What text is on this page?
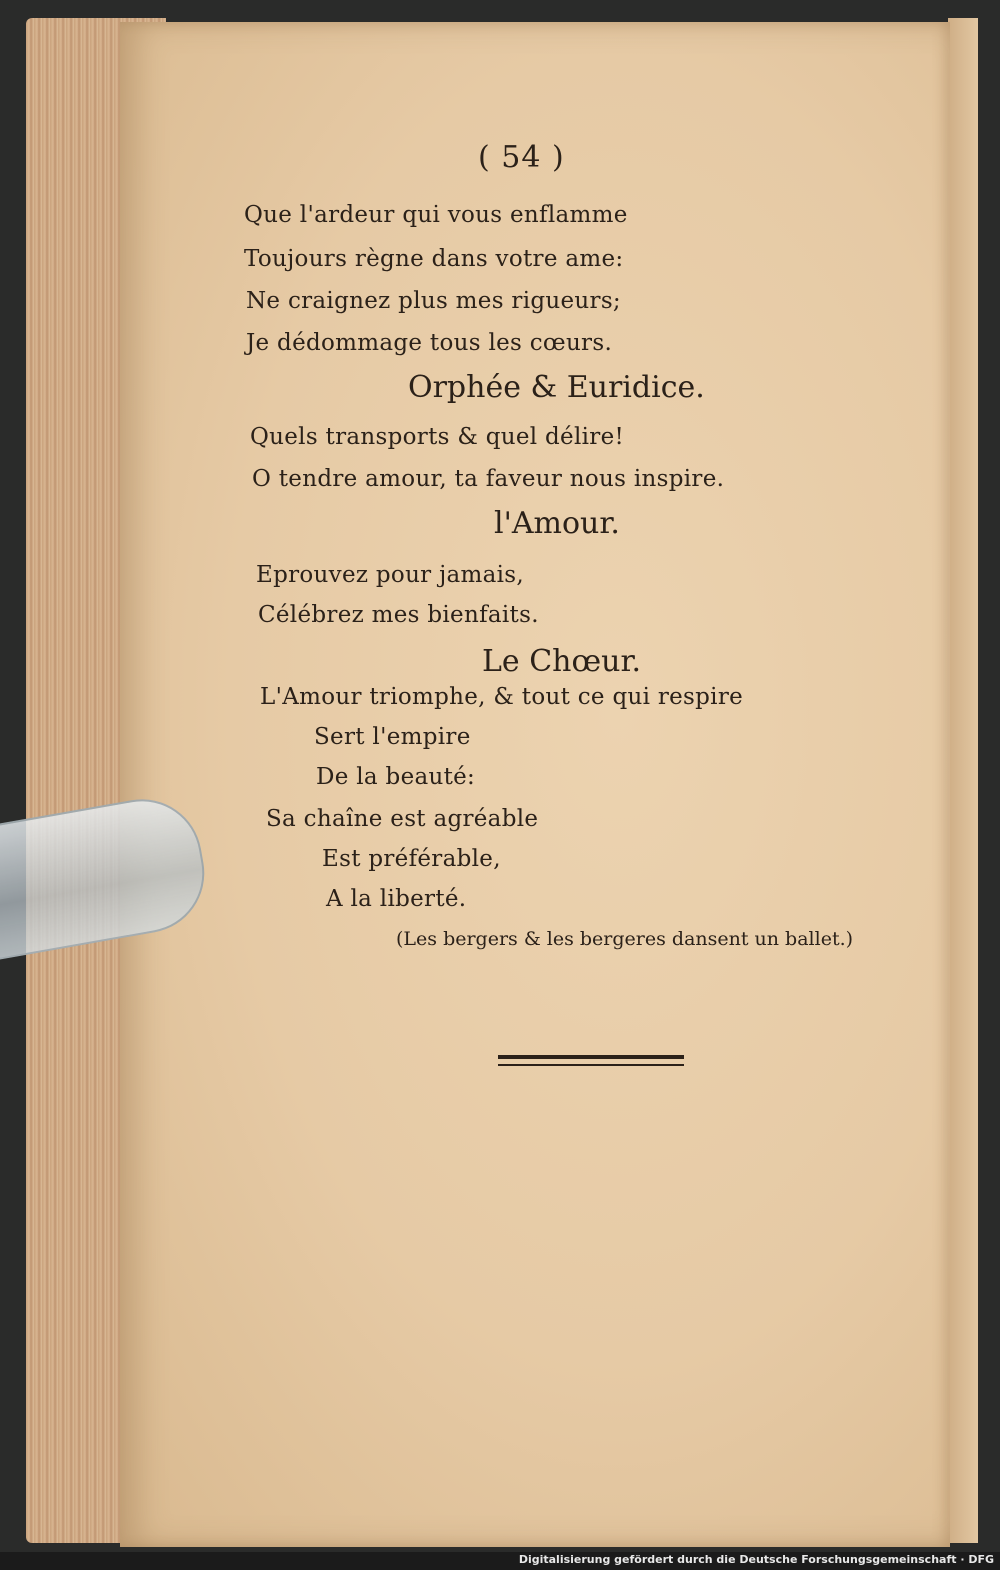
( 54 )
Que l'ardeur qui vous enflamme
Toujours règne dans votre ame:
Ne craignez plus mes rigueurs;
Je dédommage tous les cœurs.
Orphée & Euridice.
Quels transports & quel délire!
O tendre amour, ta faveur nous inspire.
l'Amour.
Eprouvez pour jamais,
Célébrez mes bienfaits.
Le Chœur.
L'Amour triomphe, & tout ce qui respire
Sert l'empire
De la beauté:
Sa chaîne est agréable
Est préférable,
A la liberté.
(Les bergers & les bergeres dansent un ballet.)
Digitalisierung gefördert durch die Deutsche Forschungsgemeinschaft · DFG
